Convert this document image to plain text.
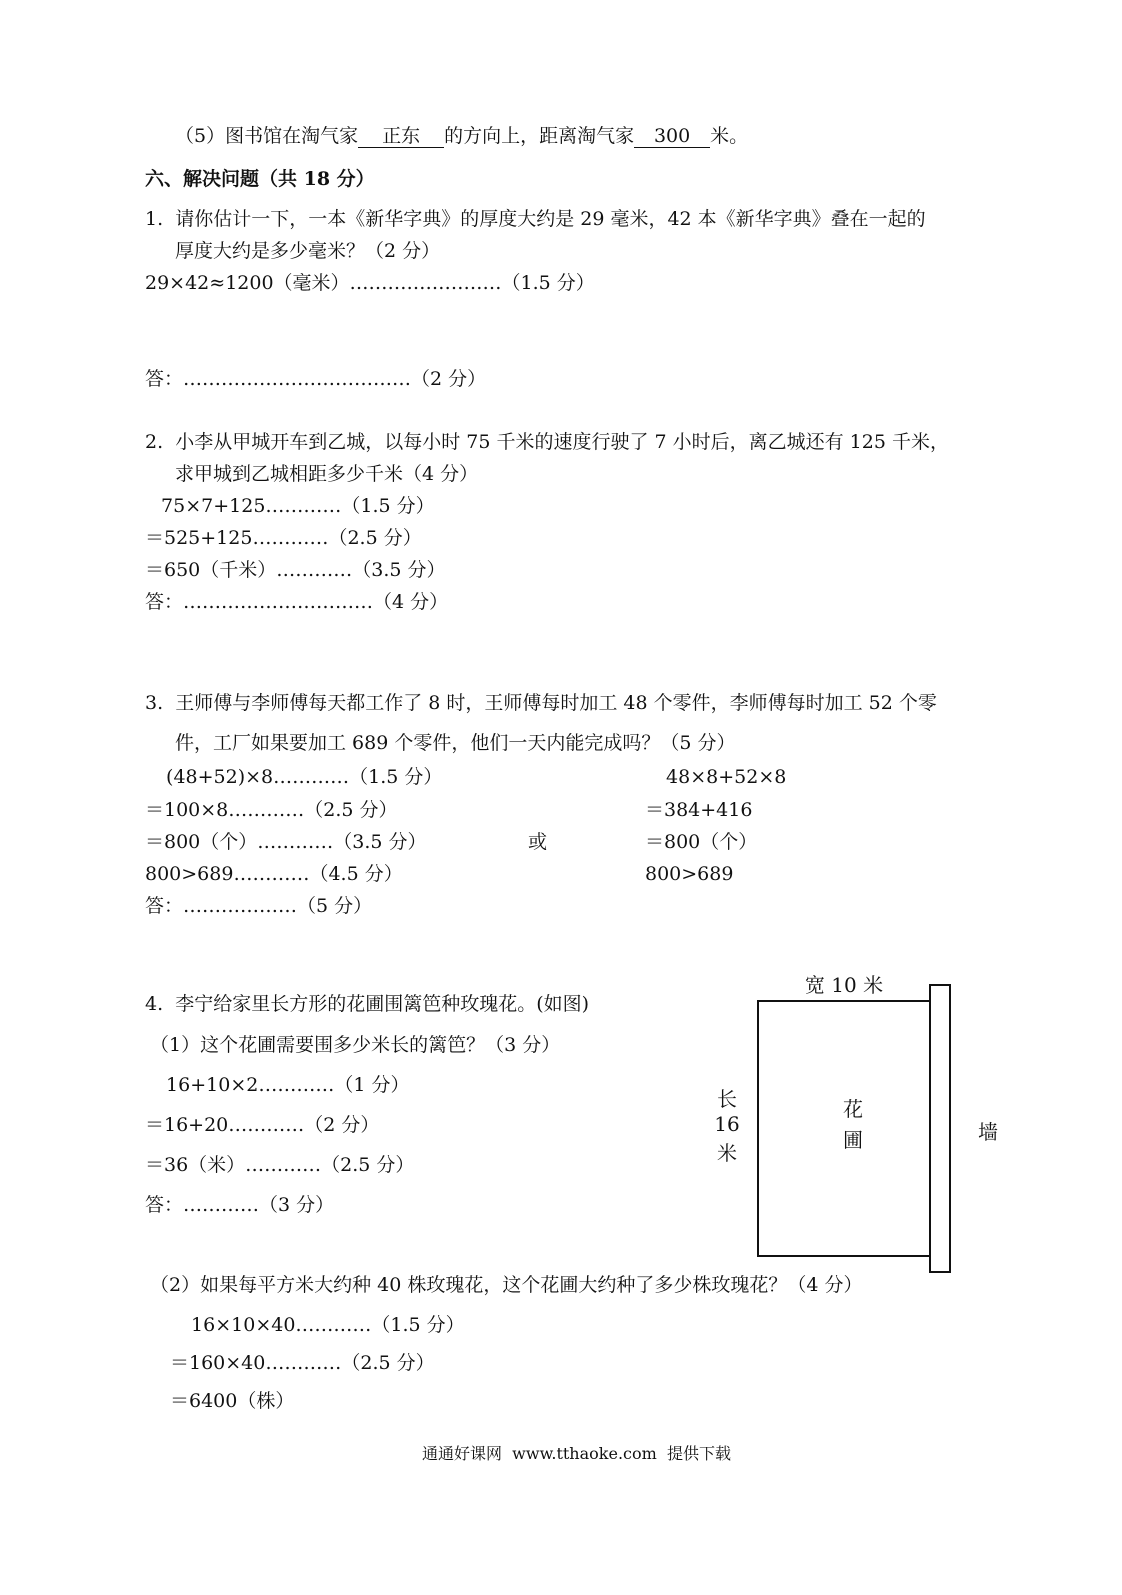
（5）图书馆在淘气家 正东 的方向上，距离淘气家 300 米。
六、解决问题（共 18 分）
1.  请你估计一下，一本《新华字典》的厚度大约是 29 毫米，42 本《新华字典》叠在一起的
厚度大约是多少毫米？（2 分）
29×42≈1200（毫米）……………………（1.5 分）
答：………………………………（2 分）
2.  小李从甲城开车到乙城，以每小时 75 千米的速度行驶了 7 小时后，离乙城还有 125 千米，
求甲城到乙城相距多少千米（4 分）
75×7+125…………（1.5 分）
＝525+125…………（2.5 分）
＝650（千米）…………（3.5 分）
答：…………………………（4 分）
3.  王师傅与李师傅每天都工作了 8 时，王师傅每时加工 48 个零件，李师傅每时加工 52 个零
件，工厂如果要加工 689 个零件，他们一天内能完成吗？（5 分）
(48+52)×8…………（1.5 分）
＝100×8…………（2.5 分）
＝800（个）…………（3.5 分）
800>689…………（4.5 分）
答：………………（5 分）
或
48×8+52×8
＝384+416
＝800（个）
800>689
4.  李宁给家里长方形的花圃围篱笆种玫瑰花。(如图)
（1）这个花圃需要围多少米长的篱笆？（3 分）
16+10×2…………（1 分）
＝16+20…………（2 分）
＝36（米）…………（2.5 分）
答：…………（3 分）
（2）如果每平方米大约种 40 株玫瑰花，这个花圃大约种了多少株玫瑰花？（4 分）
16×10×40…………（1.5 分）
＝160×40…………（2.5 分）
＝6400（株）
宽 10 米
长
16
米
花
圃	墙
通通好课网  www.tthaoke.com  提供下载
